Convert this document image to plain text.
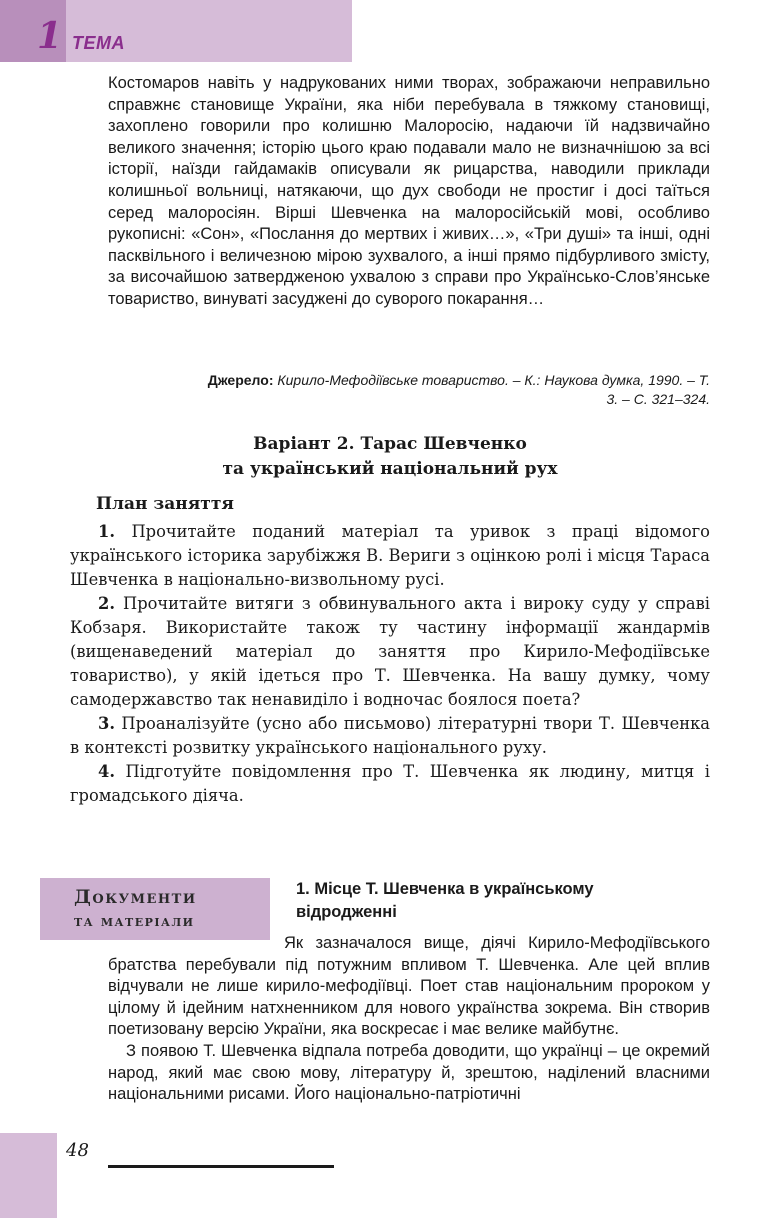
1 ТЕМА

Костомаров навіть у надрукованих ними творах, зображаючи неправильно справжнє становище України, яка ніби перебувала в тяжкому становищі, захоплено говорили про колишню Малоросію, надаючи їй надзвичайно великого значення; історію цього краю подавали мало не визначнішою за всі історії, наїзди гайдамаків описували як рицарства, наводили приклади колишньої вольниці, натякаючи, що дух свободи не простиг і досі таїться серед малоросіян. Вірші Шевченка на малоросійській мові, особливо рукописні: «Сон», «Послання до мертвих і живих…», «Три душі» та інші, одні пасквільного і величезною мірою зухвалого, а інші прямо підбурливого змісту, за височайшою затвердженою ухвалою з справи про Українсько-Слов’янське товариство, винуваті засуджені до суворого покарання…

Джерело: Кирило-Мефодіївське товариство. – К.: Наукова думка, 1990. – Т. 3. – С. 321–324.
Варіант 2. Тарас Шевченко
та український національний рух
План заняття

1. Прочитайте поданий матеріал та уривок з праці відомого українського історика зарубіжжя В. Вериги з оцінкою ролі і місця Тараса Шевченка в національно-визвольному русі.

2. Прочитайте витяги з обвинувального акта і вироку суду у справі Кобзаря. Використайте також ту частину інформації жандармів (вищенаведений матеріал до заняття про Кирило-Мефодіївське товариство), у якій ідеться про Т. Шевченка. На вашу думку, чому самодержавство так ненавиділо і водночас боялося поета?

3. Проаналізуйте (усно або письмово) літературні твори Т. Шевченка в контексті розвитку українського національного руху.

4. Підготуйте повідомлення про Т. Шевченка як людину, митця і громадського діяча.

Документи
та матеріали
1. Місце Т. Шевченка в українському відродженні

Як зазначалося вище, діячі Кирило-Мефодіївського братства перебували під потужним впливом Т. Шевченка. Але цей вплив відчували не лише кирило-мефодіївці. Поет став національним пророком у цілому й ідейним натхненником для нового українства зокрема. Він створив поетизовану версію України, яка воскресає і має велике майбутнє.

З появою Т. Шевченка відпала потреба доводити, що українці – це окремий народ, який має свою мову, літературу й, зрештою, наділений власними національними рисами. Його національно-патріотичні

48
